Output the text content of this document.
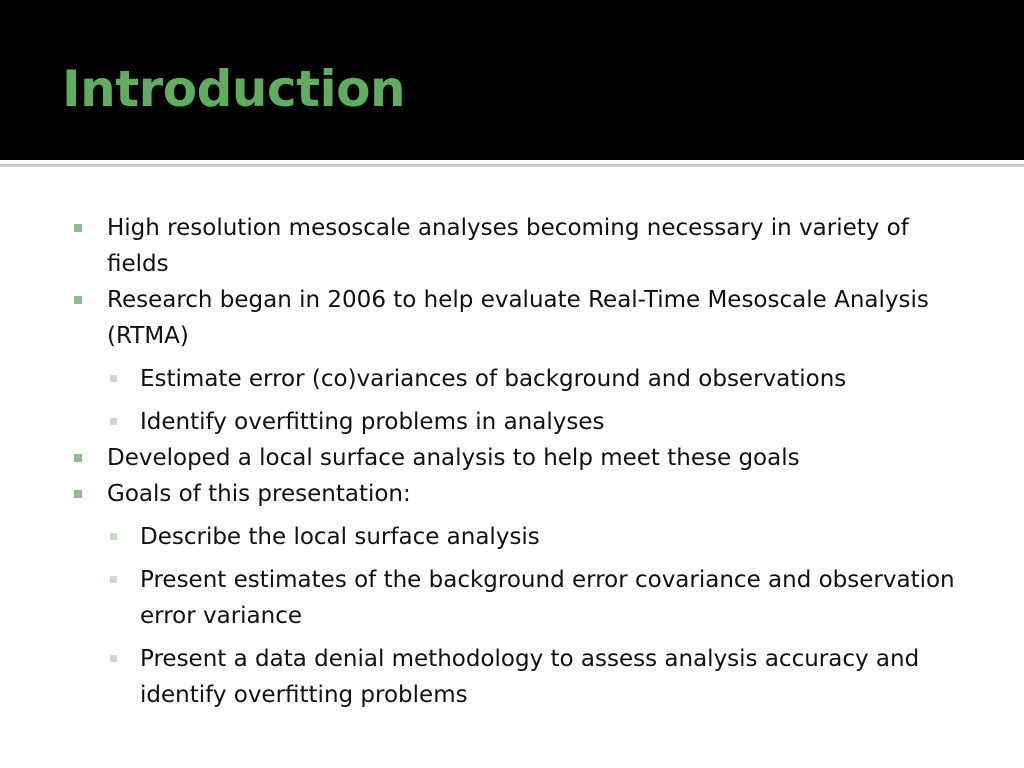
Introduction
High resolution mesoscale analyses becoming necessary in variety of fields
Research began in 2006 to help evaluate Real-Time Mesoscale Analysis (RTMA)
Estimate error (co)variances of background and observations
Identify overfitting problems in analyses
Developed a local surface analysis to help meet these goals
Goals of this presentation:
Describe the local surface analysis
Present estimates of the background error covariance and observation error variance
Present a data denial methodology to assess analysis accuracy and identify overfitting problems
